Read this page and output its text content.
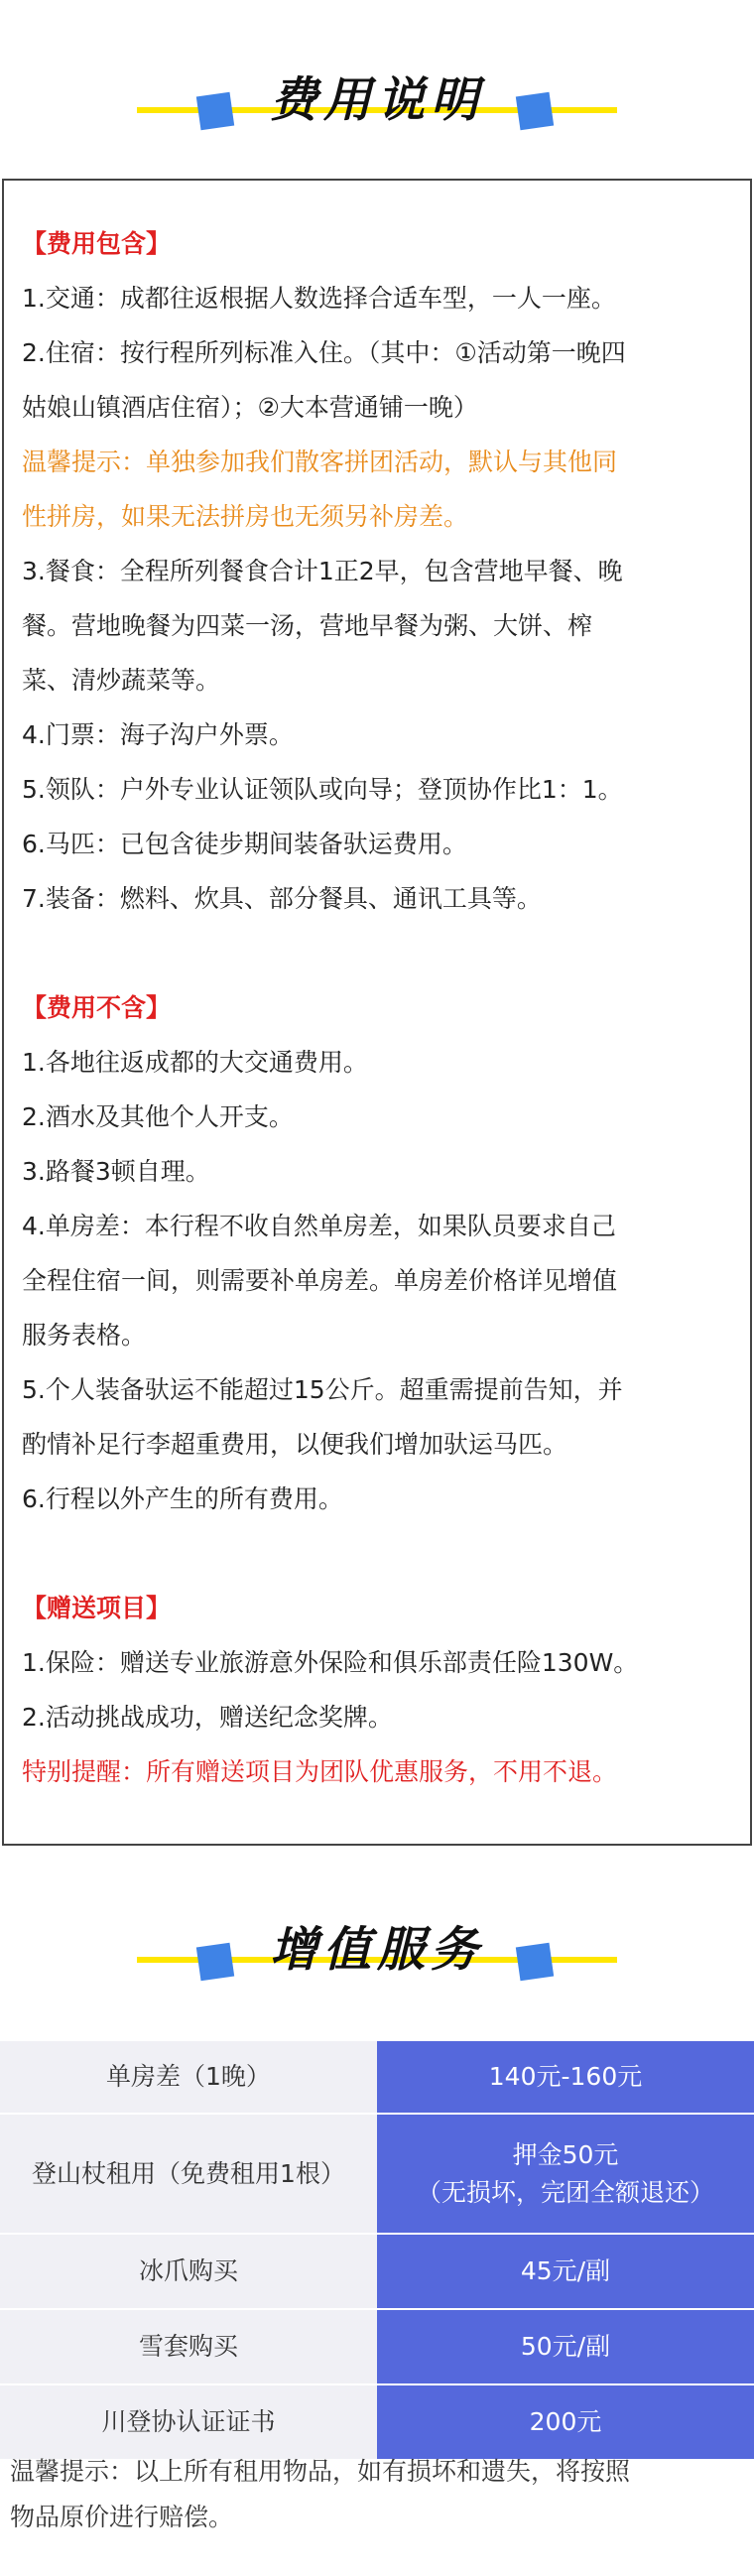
费用说明
【费用包含】
1.交通：成都往返根据人数选择合适车型，一人一座。
2.住宿：按行程所列标准入住。（其中：①活动第一晚四
姑娘山镇酒店住宿）；②大本营通铺一晚）
温馨提示：单独参加我们散客拼团活动，默认与其他同
性拼房，如果无法拼房也无须另补房差。
3.餐食：全程所列餐食合计1正2早，包含营地早餐、晚
餐。营地晚餐为四菜一汤，营地早餐为粥、大饼、榨
菜、清炒蔬菜等。
4.门票：海子沟户外票。
5.领队：户外专业认证领队或向导；登顶协作比1：1。
6.马匹：已包含徒步期间装备驮运费用。
7.装备：燃料、炊具、部分餐具、通讯工具等。
【费用不含】
1.各地往返成都的大交通费用。
2.酒水及其他个人开支。
3.路餐3顿自理。
4.单房差：本行程不收自然单房差，如果队员要求自己
全程住宿一间，则需要补单房差。单房差价格详见增值
服务表格。
5.个人装备驮运不能超过15公斤。超重需提前告知，并
酌情补足行李超重费用，以便我们增加驮运马匹。
6.行程以外产生的所有费用。
【赠送项目】
1.保险：赠送专业旅游意外保险和俱乐部责任险130W。
2.活动挑战成功，赠送纪念奖牌。
特别提醒：所有赠送项目为团队优惠服务，不用不退。
增值服务
单房差（1晚）	140元-160元
登山杖租用（免费租用1根）	押金50元
（无损坏，完团全额退还）

冰爪购买	45元/副
雪套购买	50元/副
川登协认证证书	200元
温馨提示：以上所有租用物品，如有损坏和遗失，将按照
物品原价进行赔偿。
